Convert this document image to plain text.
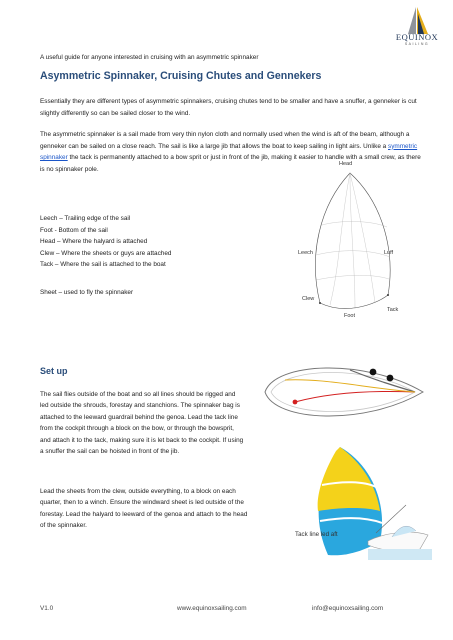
EQUINOX
SAILING
A useful guide for anyone interested in cruising with an asymmetric spinnaker
Asymmetric Spinnaker, Cruising Chutes and Gennekers

Essentially they are different types of asymmetric spinnakers, cruising chutes tend to be smaller and have a snuffer, a genneker is cut slightly differently so can be sailed closer to the wind.

The asymmetric spinnaker is a sail made from very thin nylon cloth and normally used when the wind is aft of the beam, although a genneker can be sailed on a close reach. The sail is like a large jib that allows the boat to keep sailing in light airs. Unlike a symmetric spinnaker the tack is permanently attached to a bow sprit or just in front of the jib, making it easier to handle with a small crew, as there is no spinnaker pole.

Leech – Trailing edge of the sail
Foot - Bottom of the sail
Head – Where the halyard is attached
Clew – Where the sheets or guys are attached
Tack – Where the sail is attached to the boat
Sheet – used to fly the spinnaker
Head
Leech	Luff
Clew
Foot
Tack
Set up

The sail flies outside of the boat and so all lines should be rigged and led outside the shrouds, forestay and stanchions. The spinnaker bag is attached to the leeward guardrail behind the genoa. Lead the tack line from the cockpit through a block on the bow, or through the bowsprit, and attach it to the tack, making sure it is let back to the cockpit. If using a snuffer the sail can be hoisted in front of the jib.

Lead the sheets from the clew, outside everything, to a block on each quarter, then to a winch. Ensure the windward sheet is led outside of the forestay. Lead the halyard to leeward of the genoa and attach to the head of the spinnaker.

Tack line led aft
V1.0	www.equinoxsailing.com	info@equinoxsailing.com
